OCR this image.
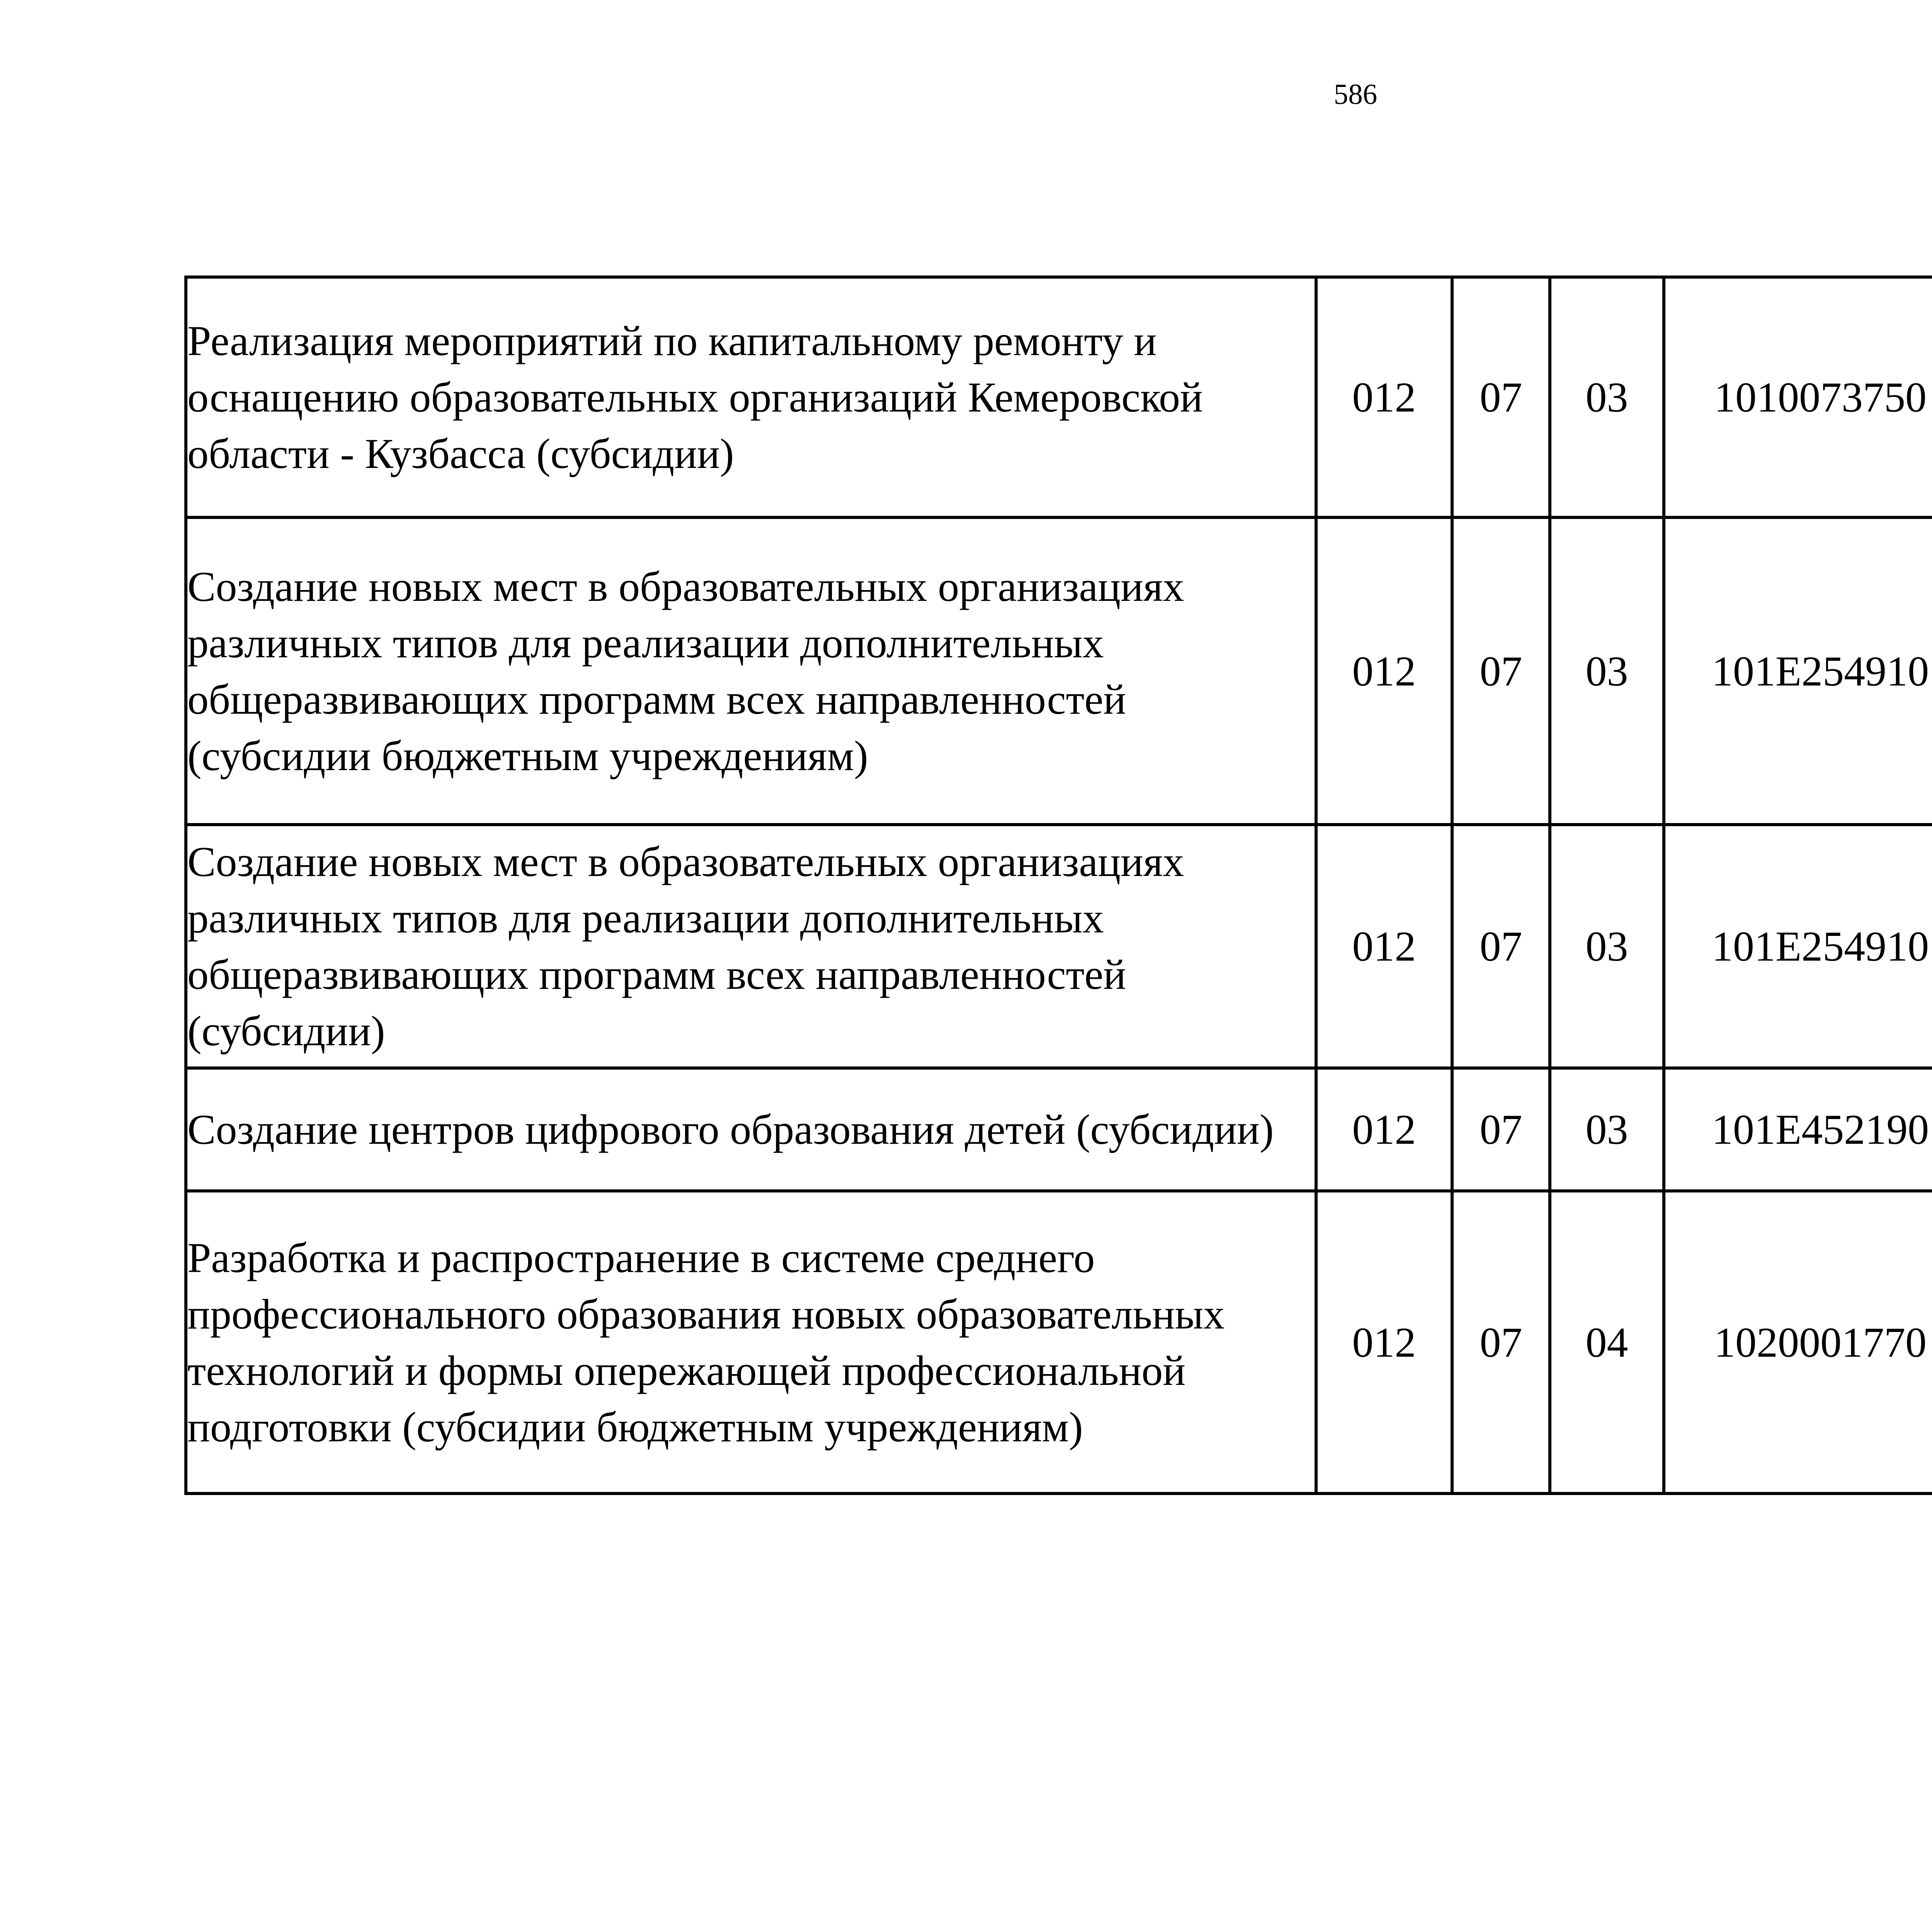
586
Реализация мероприятий по капитальному ремонту и оснащению образовательных организаций Кемеровской области - Кузбасса (субсидии)	012	07	03	1010073750		
Создание новых мест в образовательных организациях различных типов для реализации дополнительных общеразвивающих программ всех направленностей (субсидии бюджетным учреждениям)	012	07	03	101E254910		
Создание новых мест в образовательных организациях различных типов для реализации дополнительных общеразвивающих программ всех направленностей (субсидии)	012	07	03	101E254910		
Создание центров цифрового образования детей (субсидии)	012	07	03	101E452190		
Разработка и распространение в системе среднего профессионального образования новых образовательных технологий и формы опережающей профессиональной подготовки (субсидии бюджетным учреждениям)	012	07	04	1020001770		
